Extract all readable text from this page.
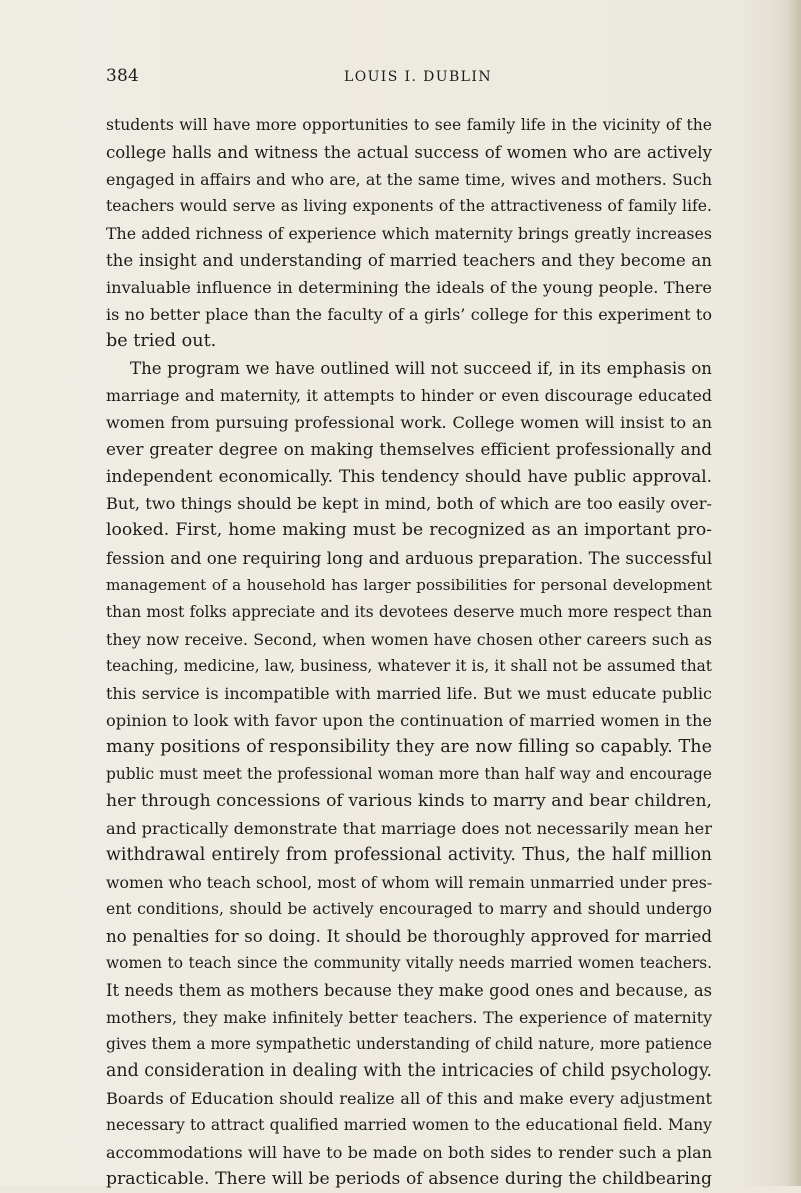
384	LOUIS I. DUBLIN
students will have more opportunities to see family life in the vicinity of the
college halls and witness the actual success of women who are actively
engaged in affairs and who are, at the same time, wives and mothers. Such
teachers would serve as living exponents of the attractiveness of family life.
The added richness of experience which maternity brings greatly increases
the insight and understanding of married teachers and they become an
invaluable influence in determining the ideals of the young people. There
is no better place than the faculty of a girls’ college for this experiment to
be tried out.
The program we have outlined will not succeed if, in its emphasis on
marriage and maternity, it attempts to hinder or even discourage educated
women from pursuing professional work. College women will insist to an
ever greater degree on making themselves efficient professionally and
independent economically. This tendency should have public approval.
But, two things should be kept in mind, both of which are too easily over-
looked. First, home making must be recognized as an important pro-
fession and one requiring long and arduous preparation. The successful
management of a household has larger possibilities for personal development
than most folks appreciate and its devotees deserve much more respect than
they now receive. Second, when women have chosen other careers such as
teaching, medicine, law, business, whatever it is, it shall not be assumed that
this service is incompatible with married life. But we must educate public
opinion to look with favor upon the continuation of married women in the
many positions of responsibility they are now filling so capably. The
public must meet the professional woman more than half way and encourage
her through concessions of various kinds to marry and bear children,
and practically demonstrate that marriage does not necessarily mean her
withdrawal entirely from professional activity. Thus, the half million
women who teach school, most of whom will remain unmarried under pres-
ent conditions, should be actively encouraged to marry and should undergo
no penalties for so doing. It should be thoroughly approved for married
women to teach since the community vitally needs married women teachers.
It needs them as mothers because they make good ones and because, as
mothers, they make infinitely better teachers. The experience of maternity
gives them a more sympathetic understanding of child nature, more patience
and consideration in dealing with the intricacies of child psychology.
Boards of Education should realize all of this and make every adjustment
necessary to attract qualified married women to the educational field. Many
accommodations will have to be made on both sides to render such a plan
practicable. There will be periods of absence during the childbearing
